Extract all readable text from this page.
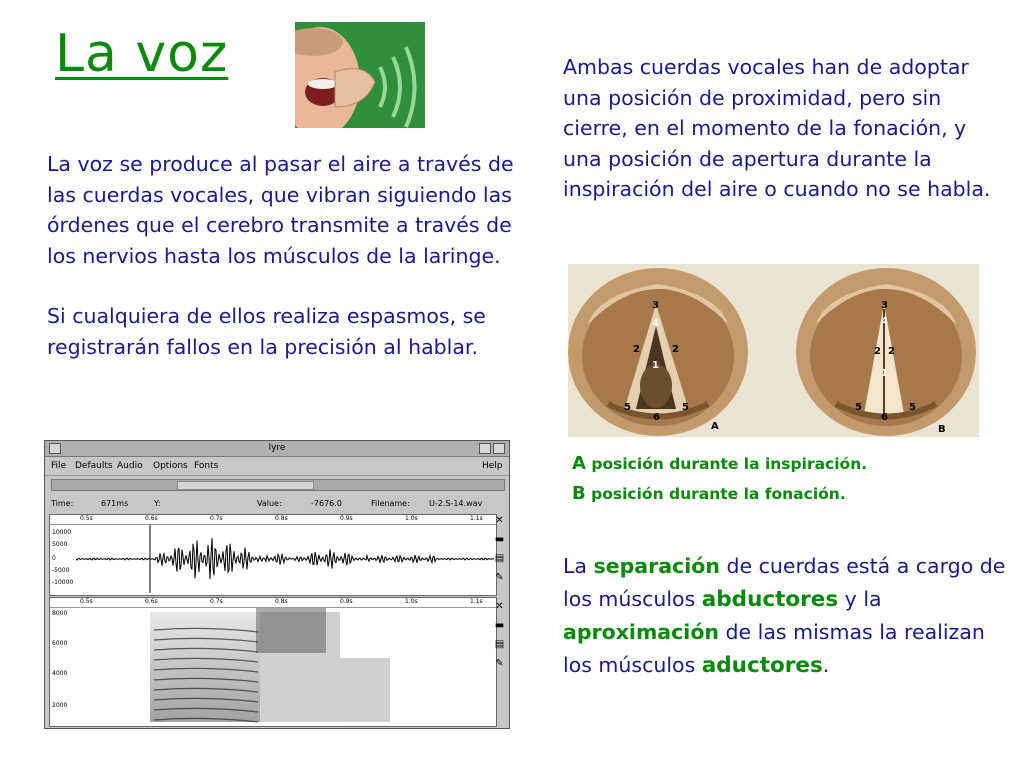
La voz

La voz se produce al pasar el aire a través de las cuerdas vocales, que vibran siguiendo las órdenes que el cerebro transmite a través de los nervios hasta los músculos de la laringe.

Si cualquiera de ellos realiza espasmos, se registrarán fallos en la precisión al hablar.

Ambas cuerdas vocales han de adoptar una posición de proximidad, pero sin cierre, en el momento de la fonación, y una posición de apertura durante la inspiración del aire o cuando no se habla.

3
4
2	2
1
5
6
5
A
3
4
2 2
1
5
6
5
B
A posición durante la inspiración.
B posición durante la fonación.

La separación de cuerdas está a cargo de los músculos abductores y la aproximación de las mismas la realizan los músculos aductores.

lyre
File Defaults Audio Options Fonts	Help
Time:	671ms	Y:	Value:	-7676.0	Filename: U-2.S-14.wav
0.5s	0.6s	0.7s	0.8s	0.9s	1.0s	1.1s
10000
5000
0
-5000
-10000
✕
▬
▤
✎
0.5s	0.6s	0.7s	0.8s	0.9s	1.0s	1.1s
8000
6000
4000
2000
✕
▬
▤
✎
